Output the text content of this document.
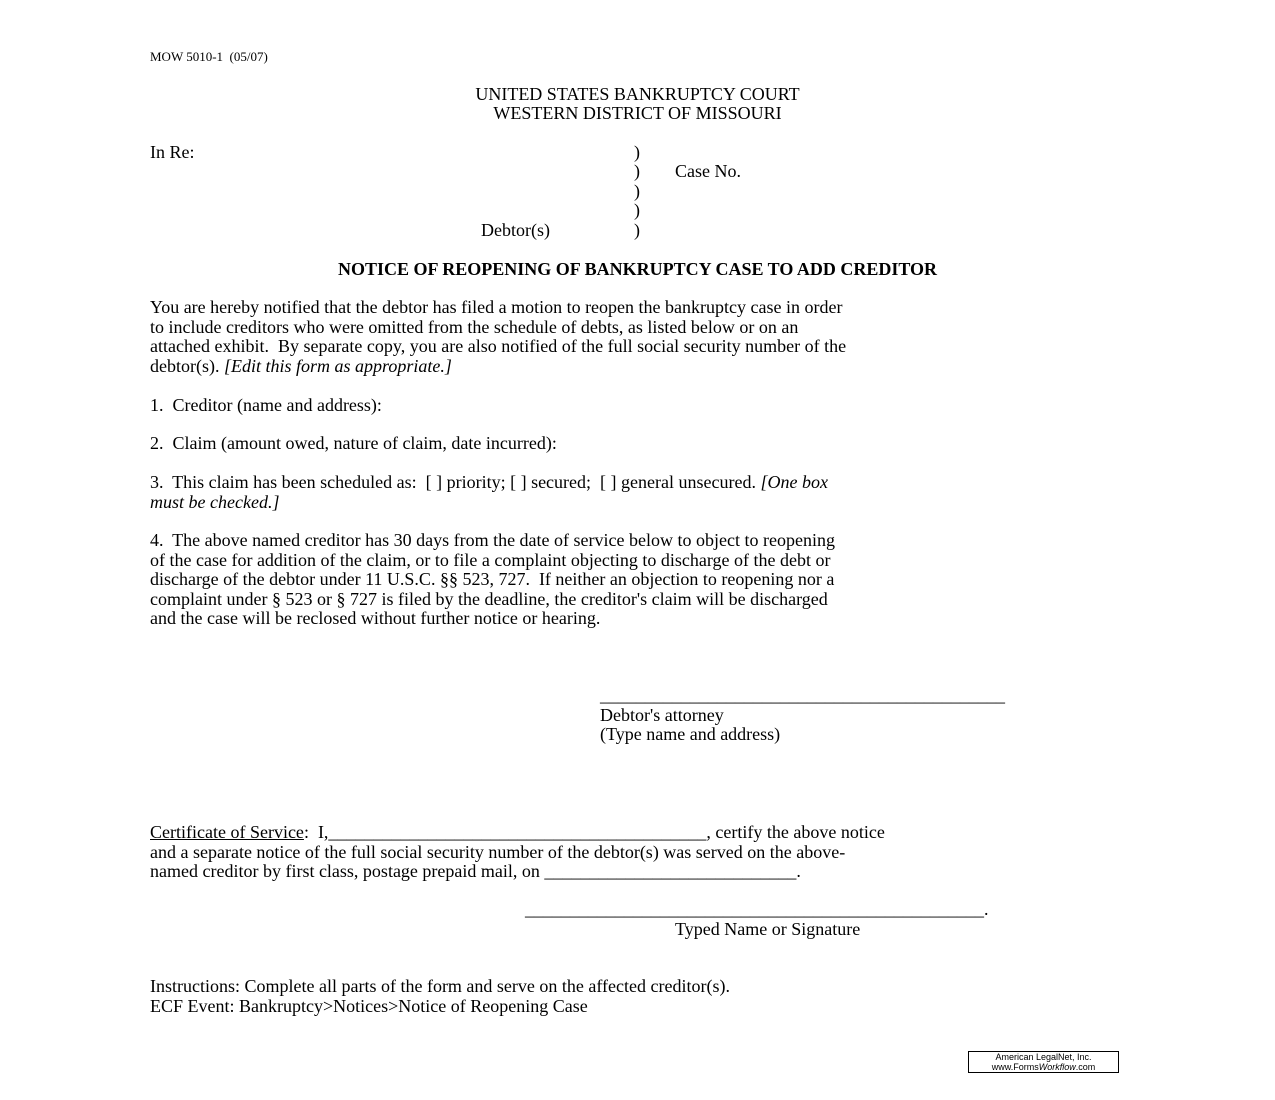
MOW 5010-1  (05/07)
UNITED STATES BANKRUPTCY COURT
WESTERN DISTRICT OF MISSOURI
In Re:	)
) Case No.
)
)
Debtor(s)	)
NOTICE OF REOPENING OF BANKRUPTCY CASE TO ADD CREDITOR
You are hereby notified that the debtor has filed a motion to reopen the bankruptcy case in order
to include creditors who were omitted from the schedule of debts, as listed below or on an
attached exhibit.  By separate copy, you are also notified of the full social security number of the
debtor(s). [Edit this form as appropriate.]
1.  Creditor (name and address):
2.  Claim (amount owed, nature of claim, date incurred):
3.  This claim has been scheduled as:  [ ] priority; [ ] secured;  [ ] general unsecured. [One box
must be checked.]
4.  The above named creditor has 30 days from the date of service below to object to reopening
of the case for addition of the claim, or to file a complaint objecting to discharge of the debt or
discharge of the debtor under 11 U.S.C. §§ 523, 727.  If neither an objection to reopening nor a
complaint under § 523 or § 727 is filed by the deadline, the creditor's claim will be discharged
and the case will be reclosed without further notice or hearing.
_____________________________________________
Debtor's attorney
(Type name and address)
Certificate of Service:  I,__________________________________________, certify the above notice
and a separate notice of the full social security number of the debtor(s) was served on the above-
named creditor by first class, postage prepaid mail, on ____________________________.
___________________________________________________.
Typed Name or Signature
Instructions: Complete all parts of the form and serve on the affected creditor(s).
ECF Event: Bankruptcy>Notices>Notice of Reopening Case
American LegalNet, Inc.
www.FormsWorkflow.com
